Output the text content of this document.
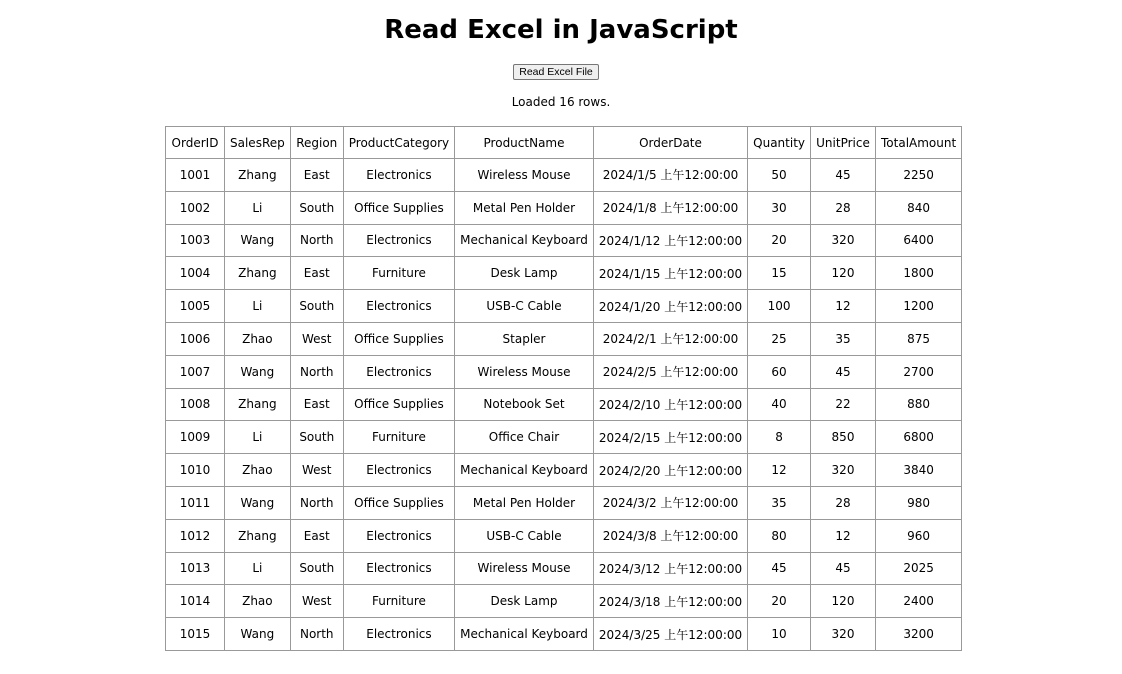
Read Excel in JavaScript
Read Excel File
Loaded 16 rows.
OrderID	SalesRep	Region	ProductCategory	ProductName	OrderDate	Quantity	UnitPrice	TotalAmount
1001	Zhang	East	Electronics	Wireless Mouse	2024/1/5 上午12:00:00	50	45	2250
1002	Li	South	Office Supplies	Metal Pen Holder	2024/1/8 上午12:00:00	30	28	840
1003	Wang	North	Electronics	Mechanical Keyboard	2024/1/12 上午12:00:00	20	320	6400
1004	Zhang	East	Furniture	Desk Lamp	2024/1/15 上午12:00:00	15	120	1800
1005	Li	South	Electronics	USB-C Cable	2024/1/20 上午12:00:00	100	12	1200
1006	Zhao	West	Office Supplies	Stapler	2024/2/1 上午12:00:00	25	35	875
1007	Wang	North	Electronics	Wireless Mouse	2024/2/5 上午12:00:00	60	45	2700
1008	Zhang	East	Office Supplies	Notebook Set	2024/2/10 上午12:00:00	40	22	880
1009	Li	South	Furniture	Office Chair	2024/2/15 上午12:00:00	8	850	6800
1010	Zhao	West	Electronics	Mechanical Keyboard	2024/2/20 上午12:00:00	12	320	3840
1011	Wang	North	Office Supplies	Metal Pen Holder	2024/3/2 上午12:00:00	35	28	980
1012	Zhang	East	Electronics	USB-C Cable	2024/3/8 上午12:00:00	80	12	960
1013	Li	South	Electronics	Wireless Mouse	2024/3/12 上午12:00:00	45	45	2025
1014	Zhao	West	Furniture	Desk Lamp	2024/3/18 上午12:00:00	20	120	2400
1015	Wang	North	Electronics	Mechanical Keyboard	2024/3/25 上午12:00:00	10	320	3200
